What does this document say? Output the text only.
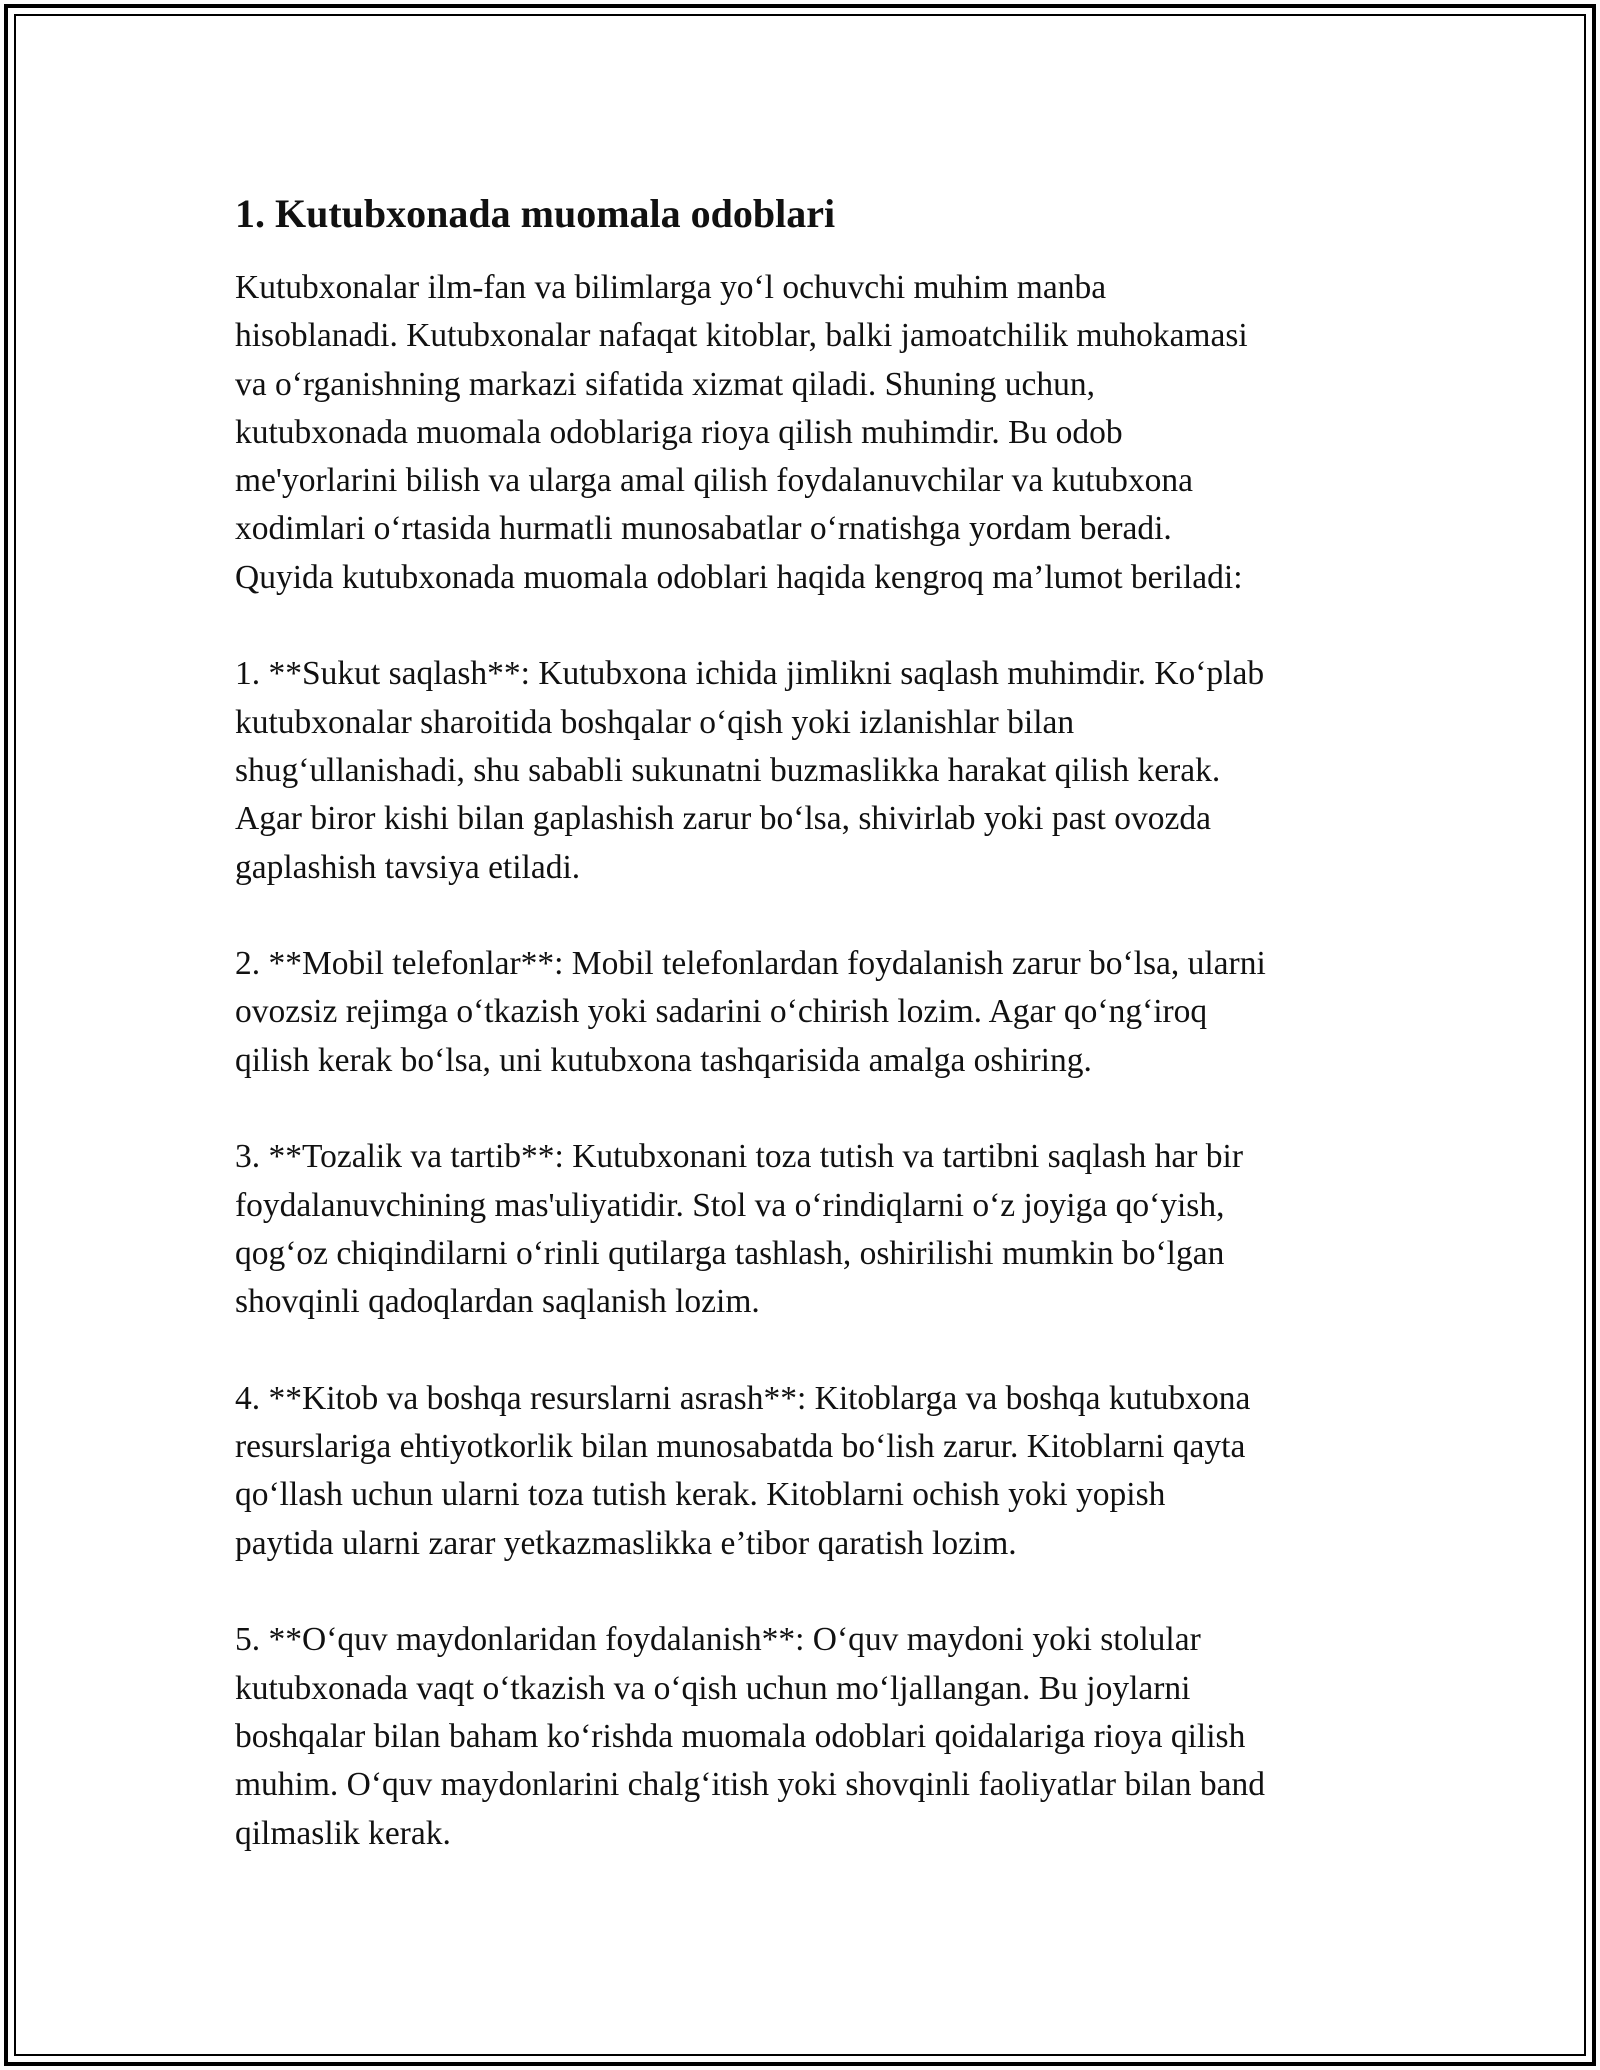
1. Kutubxonada muomala odoblari

Kutubxonalar ilm-fan va bilimlarga yo‘l ochuvchi muhim manba
hisoblanadi. Kutubxonalar nafaqat kitoblar, balki jamoatchilik muhokamasi
va o‘rganishning markazi sifatida xizmat qiladi. Shuning uchun,
kutubxonada muomala odoblariga rioya qilish muhimdir. Bu odob
me'yorlarini bilish va ularga amal qilish foydalanuvchilar va kutubxona
xodimlari o‘rtasida hurmatli munosabatlar o‘rnatishga yordam beradi.
Quyida kutubxonada muomala odoblari haqida kengroq ma’lumot beriladi:

1. **Sukut saqlash**: Kutubxona ichida jimlikni saqlash muhimdir. Ko‘plab
kutubxonalar sharoitida boshqalar o‘qish yoki izlanishlar bilan
shug‘ullanishadi, shu sababli sukunatni buzmaslikka harakat qilish kerak.
Agar biror kishi bilan gaplashish zarur bo‘lsa, shivirlab yoki past ovozda
gaplashish tavsiya etiladi.

2. **Mobil telefonlar**: Mobil telefonlardan foydalanish zarur bo‘lsa, ularni
ovozsiz rejimga o‘tkazish yoki sadarini o‘chirish lozim. Agar qo‘ng‘iroq
qilish kerak bo‘lsa, uni kutubxona tashqarisida amalga oshiring.

3. **Tozalik va tartib**: Kutubxonani toza tutish va tartibni saqlash har bir
foydalanuvchining mas'uliyatidir. Stol va o‘rindiqlarni o‘z joyiga qo‘yish,
qog‘oz chiqindilarni o‘rinli qutilarga tashlash, oshirilishi mumkin bo‘lgan
shovqinli qadoqlardan saqlanish lozim.

4. **Kitob va boshqa resurslarni asrash**: Kitoblarga va boshqa kutubxona
resurslariga ehtiyotkorlik bilan munosabatda bo‘lish zarur. Kitoblarni qayta
qo‘llash uchun ularni toza tutish kerak. Kitoblarni ochish yoki yopish
paytida ularni zarar yetkazmaslikka e’tibor qaratish lozim.

5. **O‘quv maydonlaridan foydalanish**: O‘quv maydoni yoki stolular
kutubxonada vaqt o‘tkazish va o‘qish uchun mo‘ljallangan. Bu joylarni
boshqalar bilan baham ko‘rishda muomala odoblari qoidalariga rioya qilish
muhim. O‘quv maydonlarini chalg‘itish yoki shovqinli faoliyatlar bilan band
qilmaslik kerak.
